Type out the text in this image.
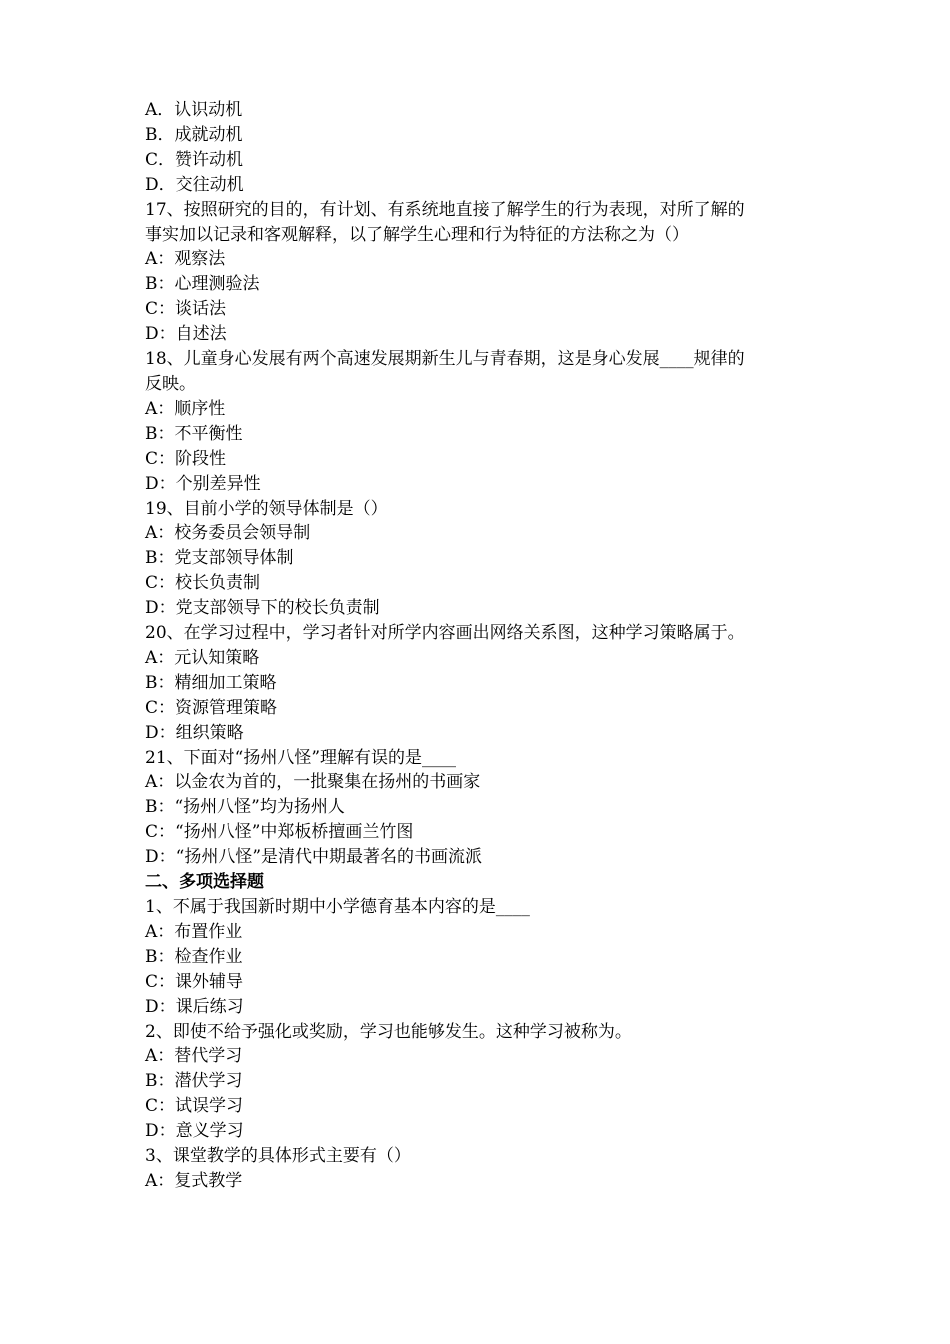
A．认识动机

B．成就动机

C．赞许动机

D．交往动机

17、按照研究的目的，有计划、有系统地直接了解学生的行为表现，对所了解的

事实加以记录和客观解释，以了解学生心理和行为特征的方法称之为（）

A：观察法

B：心理测验法

C：谈话法

D：自述法

18、儿童身心发展有两个高速发展期新生儿与青春期，这是身心发展____规律的

反映。

A：顺序性

B：不平衡性

C：阶段性

D：个别差异性

19、目前小学的领导体制是（）

A：校务委员会领导制

B：党支部领导体制

C：校长负责制

D：党支部领导下的校长负责制

20、在学习过程中，学习者针对所学内容画出网络关系图，这种学习策略属于。

A：元认知策略

B：精细加工策略

C：资源管理策略

D：组织策略

21、下面对“扬州八怪”理解有误的是____

A：以金农为首的，一批聚集在扬州的书画家

B：“扬州八怪”均为扬州人

C：“扬州八怪”中郑板桥擅画兰竹图

D：“扬州八怪”是清代中期最著名的书画流派

二、多项选择题

1、不属于我国新时期中小学德育基本内容的是____

A：布置作业

B：检查作业

C：课外辅导

D：课后练习

2、即使不给予强化或奖励，学习也能够发生。这种学习被称为。

A：替代学习

B：潜伏学习

C：试误学习

D：意义学习

3、课堂教学的具体形式主要有（）

A：复式教学
